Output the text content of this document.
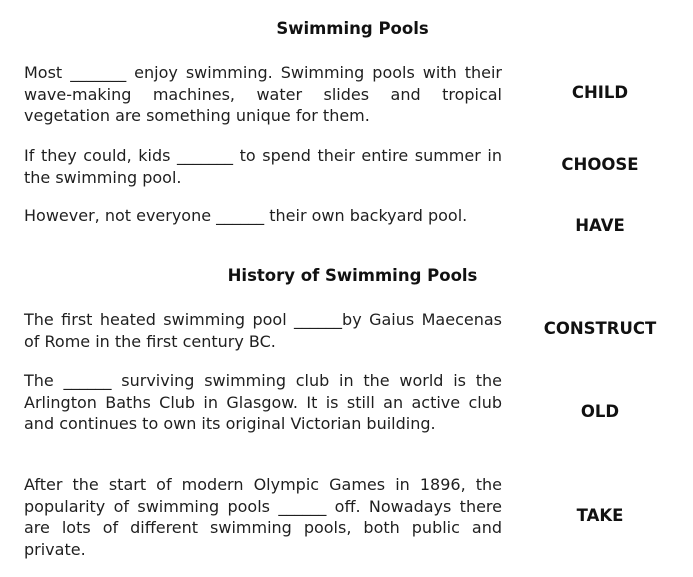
Swimming Pools
Most _______ enjoy swimming. Swimming pools with their wave-making machines, water slides and tropical vegetation are something unique for them.
CHILD
If they could, kids _______ to spend their entire summer in the swimming pool.
CHOOSE
However, not everyone ______ their own backyard pool.
HAVE
History of Swimming Pools
The first heated swimming pool ______by Gaius Maecenas of Rome in the first century BC.
CONSTRUCT
The ______ surviving swimming club in the world is the Arlington Baths Club in Glasgow. It is still an active club and continues to own its original Victorian building.
OLD
After the start of modern Olympic Games in 1896, the popularity of swimming pools ______ off. Nowadays there are lots of different swimming pools, both public and private.
TAKE
